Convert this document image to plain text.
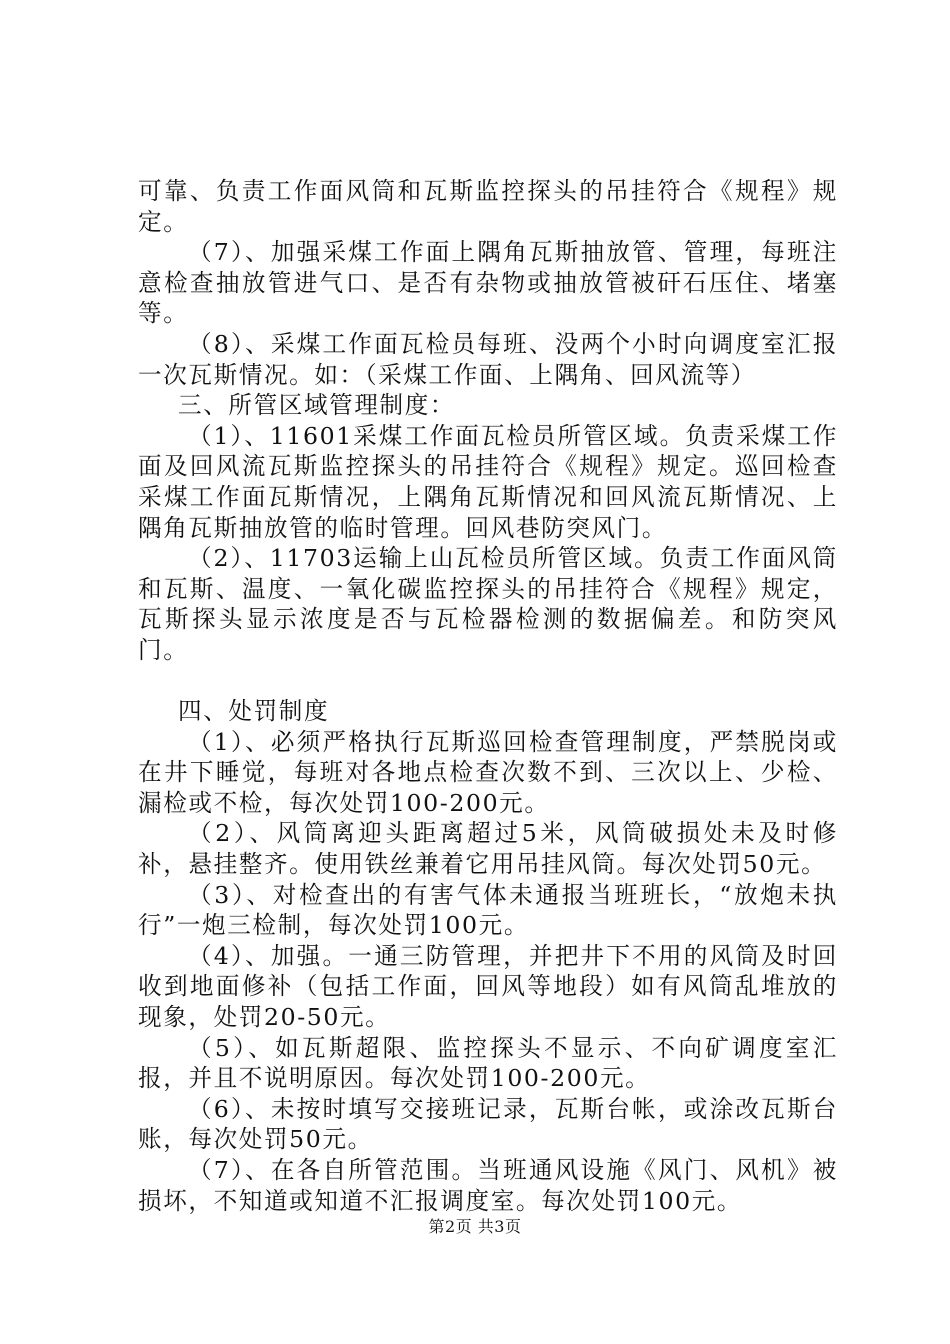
可靠、负责工作面风筒和瓦斯监控探头的吊挂符合《规程》规定。

（7）、加强采煤工作面上隅角瓦斯抽放管、管理，每班注意检查抽放管进气口、是否有杂物或抽放管被矸石压住、堵塞等。

（8）、采煤工作面瓦检员每班、没两个小时向调度室汇报一次瓦斯情况。如：（采煤工作面、上隅角、回风流等）

三、所管区域管理制度：

（1）、11601采煤工作面瓦检员所管区域。负责采煤工作面及回风流瓦斯监控探头的吊挂符合《规程》规定。巡回检查采煤工作面瓦斯情况，上隅角瓦斯情况和回风流瓦斯情况、上隅角瓦斯抽放管的临时管理。回风巷防突风门。

（2）、11703运输上山瓦检员所管区域。负责工作面风筒和瓦斯、温度、一氧化碳监控探头的吊挂符合《规程》规定，瓦斯探头显示浓度是否与瓦检器检测的数据偏差。和防突风门。

四、处罚制度

（1）、必须严格执行瓦斯巡回检查管理制度，严禁脱岗或在井下睡觉，每班对各地点检查次数不到、三次以上、少检、漏检或不检，每次处罚100-200元。

（2）、风筒离迎头距离超过5米，风筒破损处未及时修补，悬挂整齐。使用铁丝兼着它用吊挂风筒。每次处罚50元。

（3）、对检查出的有害气体未通报当班班长，“放炮未执行”一炮三检制，每次处罚100元。

（4）、加强。一通三防管理，并把井下不用的风筒及时回收到地面修补（包括工作面，回风等地段）如有风筒乱堆放的现象，处罚20-50元。

（5）、如瓦斯超限、监控探头不显示、不向矿调度室汇报，并且不说明原因。每次处罚100-200元。

（6）、未按时填写交接班记录，瓦斯台帐，或涂改瓦斯台账，每次处罚50元。

（7）、在各自所管范围。当班通风设施《风门、风机》被损坏，不知道或知道不汇报调度室。每次处罚100元。

第2页 共3页
